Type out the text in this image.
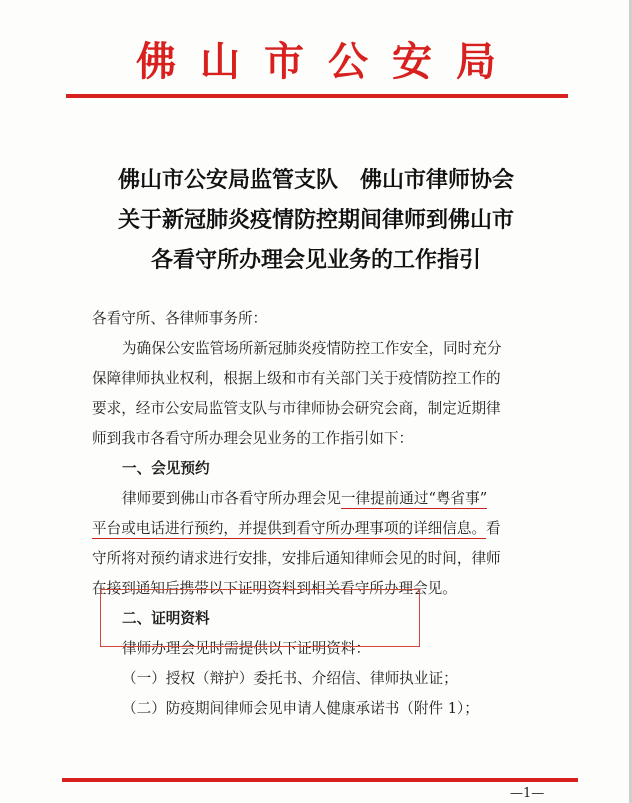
佛山市公安局
佛山市公安局监管支队 佛山市律师协会
关于新冠肺炎疫情防控期间律师到佛山市
各看守所办理会见业务的工作指引
各看守所、各律师事务所：
为确保公安监管场所新冠肺炎疫情防控工作安全，同时充分
保障律师执业权利，根据上级和市有关部门关于疫情防控工作的
要求，经市公安局监管支队与市律师协会研究会商，制定近期律
师到我市各看守所办理会见业务的工作指引如下：
一、会见预约
律师要到佛山市各看守所办理会见一律提前通过“粤省事”
平台或电话进行预约，并提供到看守所办理事项的详细信息。看
守所将对预约请求进行安排，安排后通知律师会见的时间，律师
在接到通知后携带以下证明资料到相关看守所办理会见。
二、证明资料
律师办理会见时需提供以下证明资料：
（一）授权（辩护）委托书、介绍信、律师执业证；
（二）防疫期间律师会见申请人健康承诺书（附件 1）；
—1—
